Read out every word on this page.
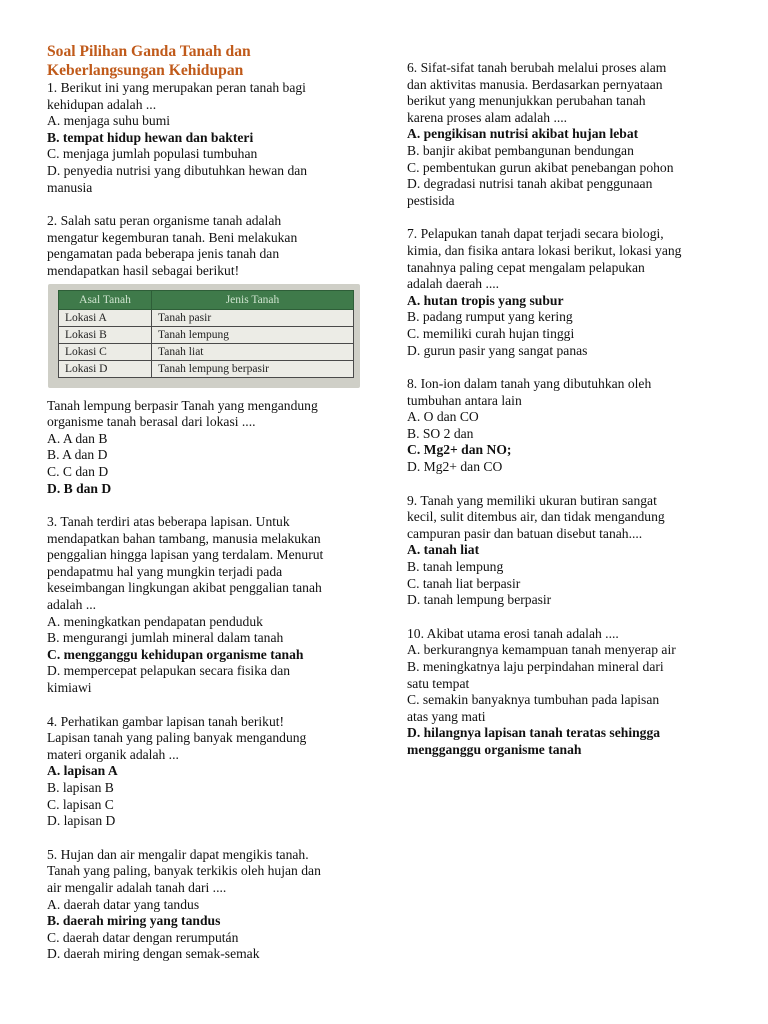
Soal Pilihan Ganda Tanah dan

Keberlangsungan Kehidupan

1. Berikut ini yang merupakan peran tanah bagi

kehidupan adalah ...

A. menjaga suhu bumi

B. tempat hidup hewan dan bakteri

C. menjaga jumlah populasi tumbuhan

D. penyedia nutrisi yang dibutuhkan hewan dan

manusia

2. Salah satu peran organisme tanah adalah

mengatur kegemburan tanah. Beni melakukan

pengamatan pada beberapa jenis tanah dan

mendapatkan hasil sebagai berikut!

Asal Tanah	Jenis Tanah
Lokasi A	Tanah pasir
Lokasi B	Tanah lempung
Lokasi C	Tanah liat
Lokasi D	Tanah lempung berpasir

Tanah lempung berpasir Tanah yang mengandung

organisme tanah berasal dari lokasi ....

A. A dan B

B. A dan D

C. C dan D

D. B dan D

3. Tanah terdiri atas beberapa lapisan. Untuk

mendapatkan bahan tambang, manusia melakukan

penggalian hingga lapisan yang terdalam. Menurut

pendapatmu hal yang mungkin terjadi pada

keseimbangan lingkungan akibat penggalian tanah

adalah ...

A. meningkatkan pendapatan penduduk

B. mengurangi jumlah mineral dalam tanah

C. mengganggu kehidupan organisme tanah

D. mempercepat pelapukan secara fisika dan

kimiawi

4. Perhatikan gambar lapisan tanah berikut!

Lapisan tanah yang paling banyak mengandung

materi organik adalah ...

A. lapisan A

B. lapisan B

C. lapisan C

D. lapisan D

5. Hujan dan air mengalir dapat mengikis tanah.

Tanah yang paling, banyak terkikis oleh hujan dan

air mengalir adalah tanah dari ....

A. daerah datar yang tandus

B. daerah miring yang tandus

C. daerah datar dengan rerumpután

D. daerah miring dengan semak-semak

6. Sifat-sifat tanah berubah melalui proses alam

dan aktivitas manusia. Berdasarkan pernyataan

berikut yang menunjukkan perubahan tanah

karena proses alam adalah ....

A. pengikisan nutrisi akibat hujan lebat

B. banjir akibat pembangunan bendungan

C. pembentukan gurun akibat penebangan pohon

D. degradasi nutrisi tanah akibat penggunaan

pestisida

7. Pelapukan tanah dapat terjadi secara biologi,

kimia, dan fisika antara lokasi berikut, lokasi yang

tanahnya paling cepat mengalam pelapukan

adalah daerah ....

A. hutan tropis yang subur

B. padang rumput yang kering

C. memiliki curah hujan tinggi

D. gurun pasir yang sangat panas

8. Ion-ion dalam tanah yang dibutuhkan oleh

tumbuhan antara lain

A. O dan CO

B. SO 2 dan

C. Mg2+ dan NO;

D. Mg2+ dan CO

9. Tanah yang memiliki ukuran butiran sangat

kecil, sulit ditembus air, dan tidak mengandung

campuran pasir dan batuan disebut tanah....

A. tanah liat

B. tanah lempung

C. tanah liat berpasir

D. tanah lempung berpasir

10. Akibat utama erosi tanah adalah ....

A. berkurangnya kemampuan tanah menyerap air

B. meningkatnya laju perpindahan mineral dari

satu tempat

C. semakin banyaknya tumbuhan pada lapisan

atas yang mati

D. hilangnya lapisan tanah teratas sehingga

mengganggu organisme tanah
